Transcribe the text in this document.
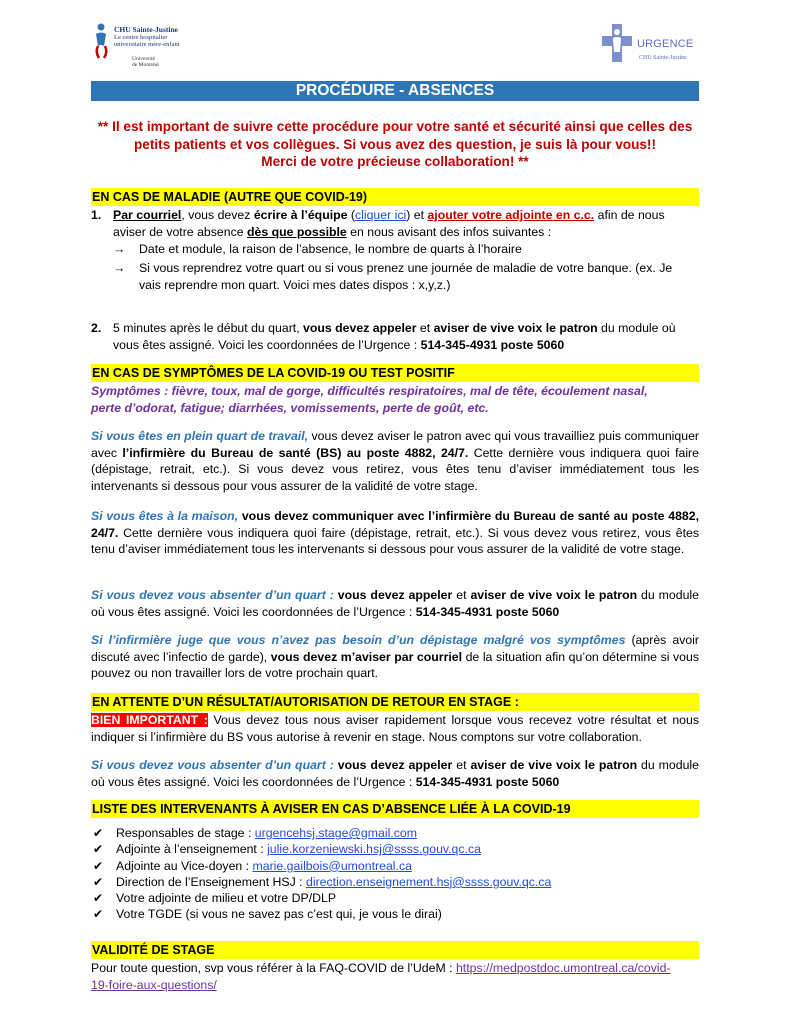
CHU Sainte-Justine
Le centre hospitalier
universitaire mère-enfant
Université
de Montréal
URGENCE
CHU Sainte-Justine
PROCÉDURE - ABSENCES
** Il est important de suivre cette procédure pour votre santé et sécurité ainsi que celles des
petits patients et vos collègues. Si vous avez des question, je suis là pour vous!!
Merci de votre précieuse collaboration! **
EN CAS DE MALADIE (AUTRE QUE COVID-19)
1. Par courriel, vous devez écrire à l’équipe (cliquer ici) et ajouter votre adjointe en c.c. afin de nous
aviser de votre absence dès que possible en nous avisant des infos suivantes :
→ Date et module, la raison de l’absence, le nombre de quarts à l’horaire
→ Si vous reprendrez votre quart ou si vous prenez une journée de maladie de votre banque. (ex. Je
vais reprendre mon quart. Voici mes dates dispos : x,y,z.)
2. 5 minutes après le début du quart, vous devez appeler et aviser de vive voix le patron du module où
vous êtes assigné. Voici les coordonnées de l’Urgence : 514-345-4931 poste 5060
EN CAS DE SYMPTÔMES DE LA COVID-19 OU TEST POSITIF
Symptômes : fièvre, toux, mal de gorge, difficultés respiratoires, mal de tête, écoulement nasal,
perte d’odorat, fatigue; diarrhées, vomissements, perte de goût, etc.
Si vous êtes en plein quart de travail, vous devez aviser le patron avec qui vous travailliez puis communiquer avec l’infirmière du Bureau de santé (BS) au poste 4882, 24/7. Cette dernière vous indiquera quoi faire (dépistage, retrait, etc.). Si vous devez vous retirez, vous êtes tenu d’aviser immédiatement tous les intervenants si dessous pour vous assurer de la validité de votre stage.
Si vous êtes à la maison, vous devez communiquer avec l’infirmière du Bureau de santé au poste 4882, 24/7. Cette dernière vous indiquera quoi faire (dépistage, retrait, etc.). Si vous devez vous retirez, vous êtes tenu d’aviser immédiatement tous les intervenants si dessous pour vous assurer de la validité de votre stage.
Si vous devez vous absenter d’un quart : vous devez appeler et aviser de vive voix le patron du module où vous êtes assigné. Voici les coordonnées de l’Urgence : 514-345-4931 poste 5060
Si l’infirmière juge que vous n’avez pas besoin d’un dépistage malgré vos symptômes (après avoir discuté avec l’infectio de garde), vous devez m’aviser par courriel de la situation afin qu’on détermine si vous pouvez ou non travailler lors de votre prochain quart.
EN ATTENTE D’UN RÉSULTAT/AUTORISATION DE RETOUR EN STAGE :
BIEN IMPORTANT : Vous devez tous nous aviser rapidement lorsque vous recevez votre résultat et nous indiquer si l’infirmière du BS vous autorise à revenir en stage. Nous comptons sur votre collaboration.
Si vous devez vous absenter d’un quart : vous devez appeler et aviser de vive voix le patron du module où vous êtes assigné. Voici les coordonnées de l’Urgence : 514-345-4931 poste 5060
LISTE DES INTERVENANTS À AVISER EN CAS D’ABSENCE LIÉE À LA COVID-19
✔ Responsables de stage : urgencehsj.stage@gmail.com
✔ Adjointe à l’enseignement : julie.korzeniewski.hsj@ssss.gouv.qc.ca
✔ Adjointe au Vice-doyen : marie.gailbois@umontreal.ca
✔ Direction de l’Enseignement HSJ : direction.enseignement.hsj@ssss.gouv.qc.ca
✔ Votre adjointe de milieu et votre DP/DLP
✔ Votre TGDE (si vous ne savez pas c’est qui, je vous le dirai)
VALIDITÉ DE STAGE
Pour toute question, svp vous référer à la FAQ-COVID de l’UdeM : https://medpostdoc.umontreal.ca/covid-
19-foire-aux-questions/
